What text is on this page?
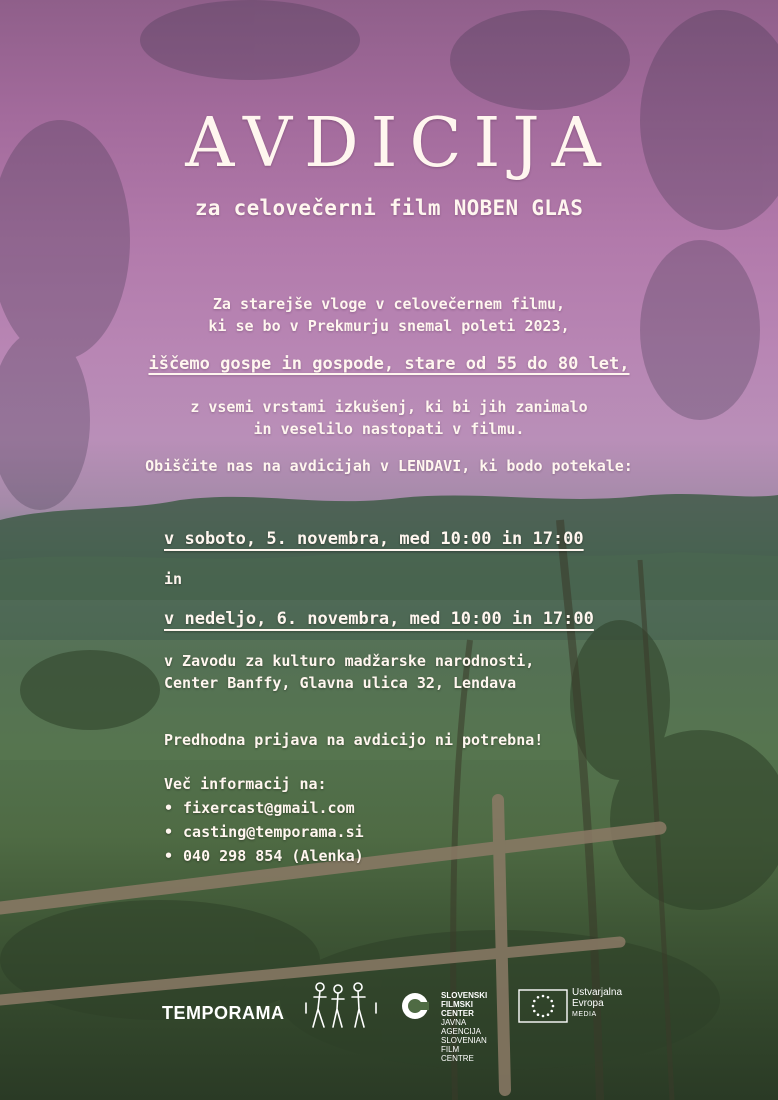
AVDICIJA
za celovečerni film NOBEN GLAS
Za starejše vloge v celovečernem filmu,
ki se bo v Prekmurju snemal poleti 2023,
iščemo gospe in gospode, stare od 55 do 80 let,
z vsemi vrstami izkušenj, ki bi jih zanimalo
in veselilo nastopati v filmu.
Obiščite nas na avdicijah v LENDAVI, ki bodo potekale:
v soboto, 5. novembra, med 10:00 in 17:00
in
v nedeljo, 6. novembra, med 10:00 in 17:00
v Zavodu za kulturo madžarske narodnosti,
Center Banffy, Glavna ulica 32, Lendava
Predhodna prijava na avdicijo ni potrebna!
Več informacij na:
• fixercast@gmail.com
• casting@temporama.si
• 040 298 854 (Alenka)
TEMPORAMA
SLOVENSKI
FILMSKI
CENTER
JAVNA
AGENCIJA
SLOVENIAN
FILM
CENTRE
Ustvarjalna
Evropa
MEDIA
